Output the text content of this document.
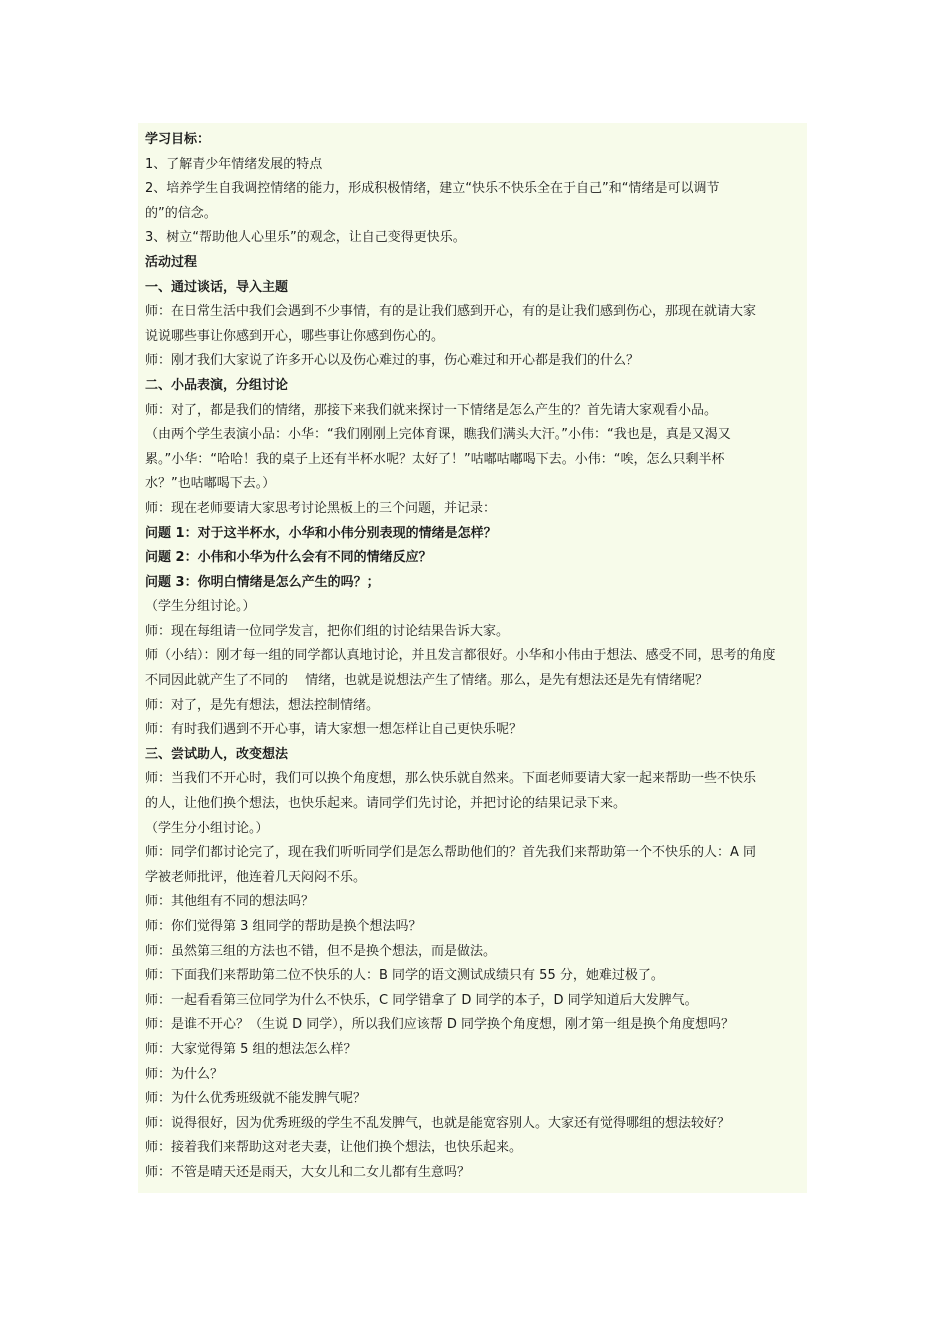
学习目标：
1、了解青少年情绪发展的特点
2、培养学生自我调控情绪的能力，形成积极情绪，建立“快乐不快乐全在于自己”和“情绪是可以调节
的”的信念。
3、树立“帮助他人心里乐”的观念，让自己变得更快乐。
活动过程
一、通过谈话，导入主题
师：在日常生活中我们会遇到不少事情，有的是让我们感到开心，有的是让我们感到伤心，那现在就请大家
说说哪些事让你感到开心，哪些事让你感到伤心的。
师：刚才我们大家说了许多开心以及伤心难过的事，伤心难过和开心都是我们的什么？
二、小品表演，分组讨论
师：对了，都是我们的情绪，那接下来我们就来探讨一下情绪是怎么产生的？首先请大家观看小品。
（由两个学生表演小品：小华：“我们刚刚上完体育课，瞧我们满头大汗。”小伟：“我也是，真是又渴又
累。”小华：“哈哈！我的桌子上还有半杯水呢？太好了！”咕嘟咕嘟喝下去。小伟：“唉，怎么只剩半杯
水？”也咕嘟喝下去。）
师：现在老师要请大家思考讨论黑板上的三个问题，并记录：
问题 1：对于这半杯水，小华和小伟分别表现的情绪是怎样？
问题 2：小伟和小华为什么会有不同的情绪反应？
问题 3：你明白情绪是怎么产生的吗？；
（学生分组讨论。）
师：现在每组请一位同学发言，把你们组的讨论结果告诉大家。
师（小结）：刚才每一组的同学都认真地讨论，并且发言都很好。小华和小伟由于想法、感受不同，思考的角度
不同因此就产生了不同的　 情绪，也就是说想法产生了情绪。那么，是先有想法还是先有情绪呢？
师：对了，是先有想法，想法控制情绪。
师：有时我们遇到不开心事，请大家想一想怎样让自己更快乐呢？
三、尝试助人，改变想法
师：当我们不开心时，我们可以换个角度想，那么快乐就自然来。下面老师要请大家一起来帮助一些不快乐
的人，让他们换个想法，也快乐起来。请同学们先讨论，并把讨论的结果记录下来。
（学生分小组讨论。）
师：同学们都讨论完了，现在我们听听同学们是怎么帮助他们的？首先我们来帮助第一个不快乐的人：A 同
学被老师批评，他连着几天闷闷不乐。
师：其他组有不同的想法吗？
师：你们觉得第 3 组同学的帮助是换个想法吗？
师：虽然第三组的方法也不错，但不是换个想法，而是做法。
师：下面我们来帮助第二位不快乐的人：B 同学的语文测试成绩只有 55 分，她难过极了。
师：一起看看第三位同学为什么不快乐，C 同学错拿了 D 同学的本子，D 同学知道后大发脾气。
师：是谁不开心？（生说 D 同学），所以我们应该帮 D 同学换个角度想，刚才第一组是换个角度想吗？
师：大家觉得第 5 组的想法怎么样？
师：为什么？
师：为什么优秀班级就不能发脾气呢？
师：说得很好，因为优秀班级的学生不乱发脾气，也就是能宽容别人。大家还有觉得哪组的想法较好？
师：接着我们来帮助这对老夫妻，让他们换个想法，也快乐起来。
师：不管是晴天还是雨天，大女儿和二女儿都有生意吗？
